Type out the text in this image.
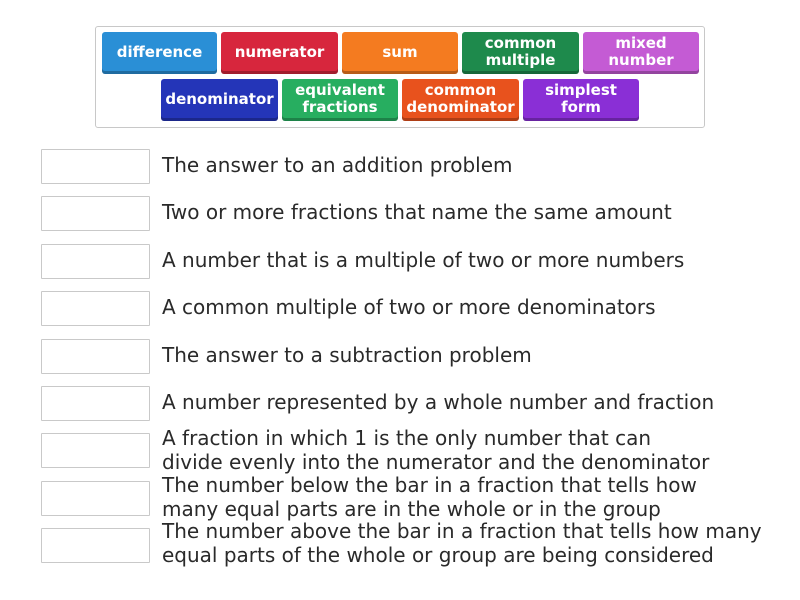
difference numerator	sum	common
multiple
mixed
number
denominator equivalent
fractions
common
denominator
simplest
form
The answer to an addition problem
Two or more fractions that name the same amount
A number that is a multiple of two or more numbers
A common multiple of two or more denominators
The answer to a subtraction problem
A number represented by a whole number and fraction
A fraction in which 1 is the only number that can
divide evenly into the numerator and the denominator
The number below the bar in a fraction that tells how
many equal parts are in the whole or in the group
The number above the bar in a fraction that tells how many
equal parts of the whole or group are being considered
